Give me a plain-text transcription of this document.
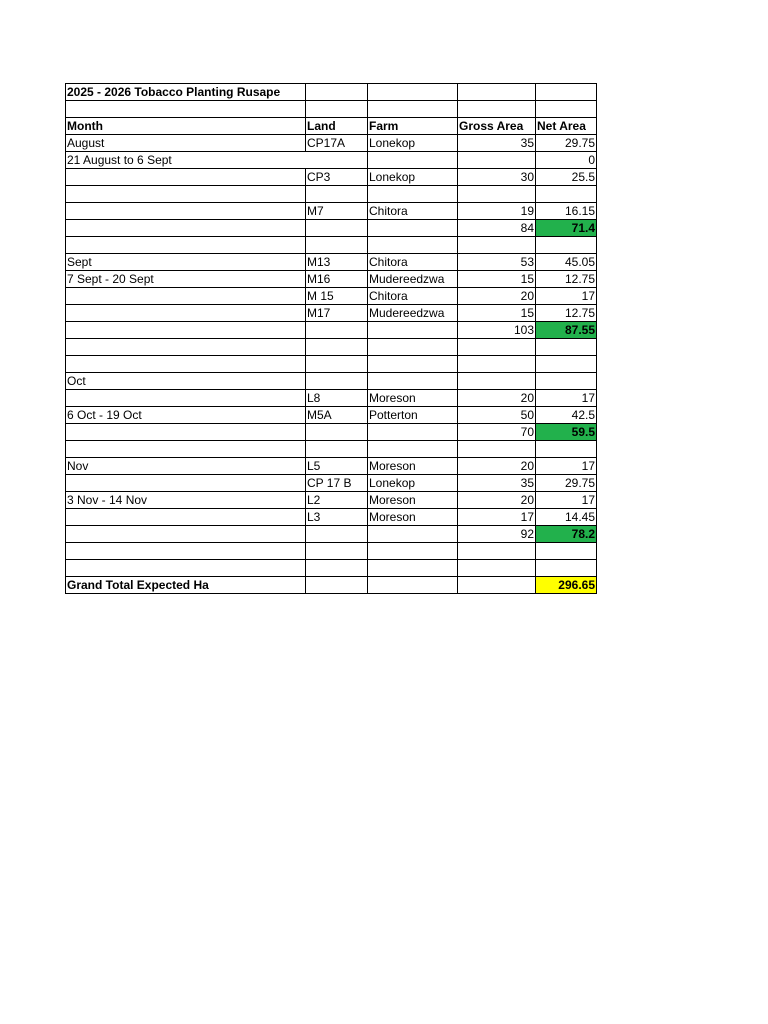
2025 - 2026 Tobacco Planting Rusape				

Month	Land	Farm	Gross Area	Net Area
August	CP17A	Lonekop	35	29.75
21 August to 6 Sept				0
	CP3	Lonekop	30	25.5

	M7	Chitora	19	16.15
			84	71.4

Sept	M13	Chitora	53	45.05
7 Sept - 20 Sept	M16	Mudereedzwa	15	12.75
	M 15	Chitora	20	17
	M17	Mudereedzwa	15	12.75
			103	87.55

Oct				
	L8	Moreson	20	17
6 Oct - 19 Oct	M5A	Potterton	50	42.5
			70	59.5

Nov	L5	Moreson	20	17
	CP 17 B	Lonekop	35	29.75
3 Nov - 14 Nov	L2	Moreson	20	17
	L3	Moreson	17	14.45
			92	78.2

Grand Total Expected Ha				296.65
